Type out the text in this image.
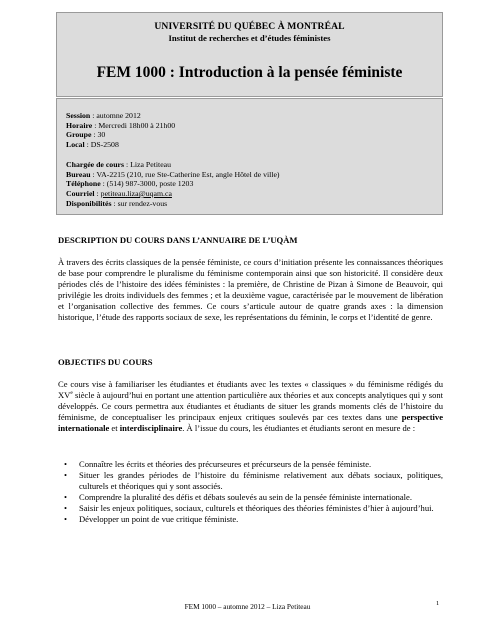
UNIVERSITÉ DU QUÉBEC À MONTRÉAL
Institut de recherches et d’études féministes
FEM 1000 : Introduction à la pensée féministe
Session : automne 2012
Horaire : Mercredi 18h00 à 21h00
Groupe : 30
Local : DS-2508
Chargée de cours : Liza Petiteau
Bureau : VA-2215 (210, rue Ste-Catherine Est, angle Hôtel de ville)
Téléphone : (514) 987-3000, poste 1203
Courriel : petiteau.liza@uqam.ca
Disponibilités : sur rendez-vous
DESCRIPTION DU COURS DANS L’ANNUAIRE DE L’UQÀM
À travers des écrits classiques de la pensée féministe, ce cours d’initiation présente les connaissances théoriques de base pour comprendre le pluralisme du féminisme contemporain ainsi que son historicité. Il considère deux périodes clés de l’histoire des idées féministes : la première, de Christine de Pizan à Simone de Beauvoir, qui privilégie les droits individuels des femmes ; et la deuxième vague, caractérisée par le mouvement de libération et l’organisation collective des femmes. Ce cours s’articule autour de quatre grands axes : la dimension historique, l’étude des rapports sociaux de sexe, les représentations du féminin, le corps et l’identité de genre.
OBJECTIFS DU COURS
Ce cours vise à familiariser les étudiantes et étudiants avec les textes « classiques » du féminisme rédigés du XVe siècle à aujourd’hui en portant une attention particulière aux théories et aux concepts analytiques qui y sont développés. Ce cours permettra aux étudiantes et étudiants de situer les grands moments clés de l’histoire du féminisme, de conceptualiser les principaux enjeux critiques soulevés par ces textes dans une perspective internationale et interdisciplinaire. À l’issue du cours, les étudiantes et étudiants seront en mesure de :
• Connaître les écrits et théories des précurseures et précurseurs de la pensée féministe.
• Situer les grandes périodes de l’histoire du féminisme relativement aux débats sociaux, politiques, culturels et théoriques qui y sont associés.
• Comprendre la pluralité des défis et débats soulevés au sein de la pensée féministe internationale.
• Saisir les enjeux politiques, sociaux, culturels et théoriques des théories féministes d’hier à aujourd’hui.
• Développer un point de vue critique féministe.
FEM 1000 – automne 2012 – Liza Petiteau	1
